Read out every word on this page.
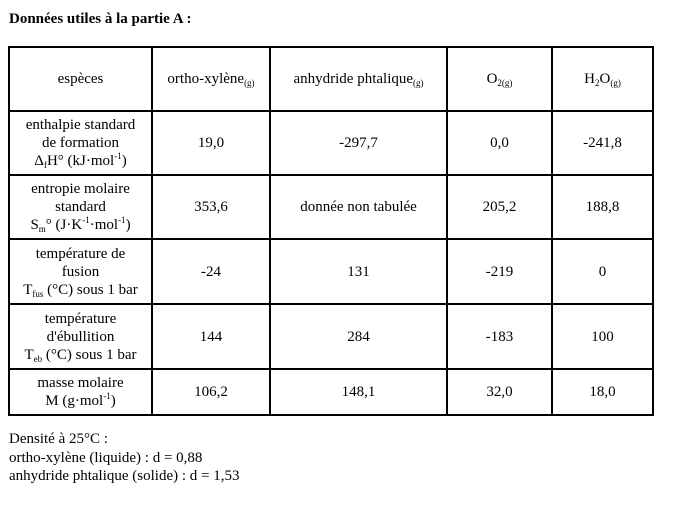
Données utiles à la partie A :
espèces	ortho-xylène$_{(g)}$	anhydride phtalique$_{(g)}$	$O_{2(g)}$	$H_2O_{(g)}$

enthalpie standard
de formation
$\Delta_fH^\circ$ (kJ·mol$^{-1}$)	19,0	-297,7	0,0	-241,8

entropie molaire
standard
$S_m^\circ$ $(J\cdot K^{-1}\cdot mol^{-1})$	353,6	donnée non tabulée	205,2	188,8

température de
fusion
$T_{fus}$ (°C) sous 1 bar	-24	131	-219	0

température
d'ébullition
$T_{eb}$ (°C) sous 1 bar	144	284	-183	100

masse molaire
M (g·mol$^{-1}$)	106,2	148,1	32,0	18,0
Densité à 25°C :
ortho-xylène (liquide) : d = 0,88
anhydride phtalique (solide) : d = 1,53
